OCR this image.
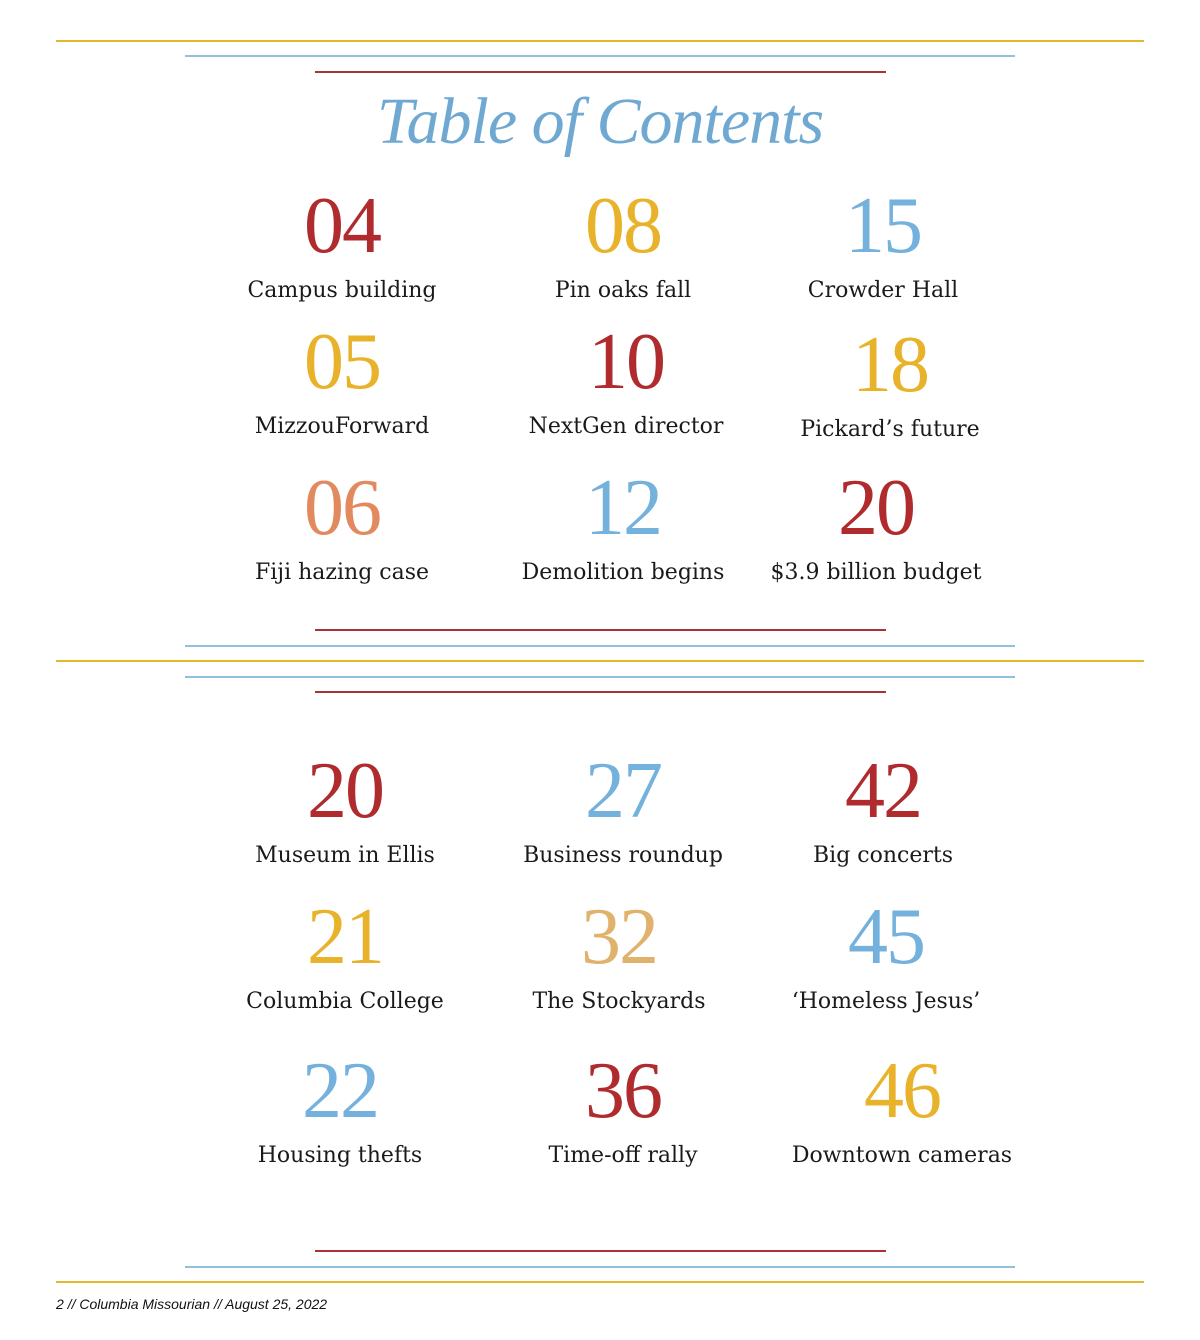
Table of Contents
04
Campus building
08
Pin oaks fall
15
Crowder Hall
05
MizzouForward
10
NextGen director
18
Pickard’s future
06
Fiji hazing case
12
Demolition begins
20
$3.9 billion budget
20
Museum in Ellis
27
Business roundup
42
Big concerts
21
Columbia College
32
The Stockyards
45
‘Homeless Jesus’
22
Housing thefts
36
Time-off rally
46
Downtown cameras
2 // Columbia Missourian // August 25, 2022
